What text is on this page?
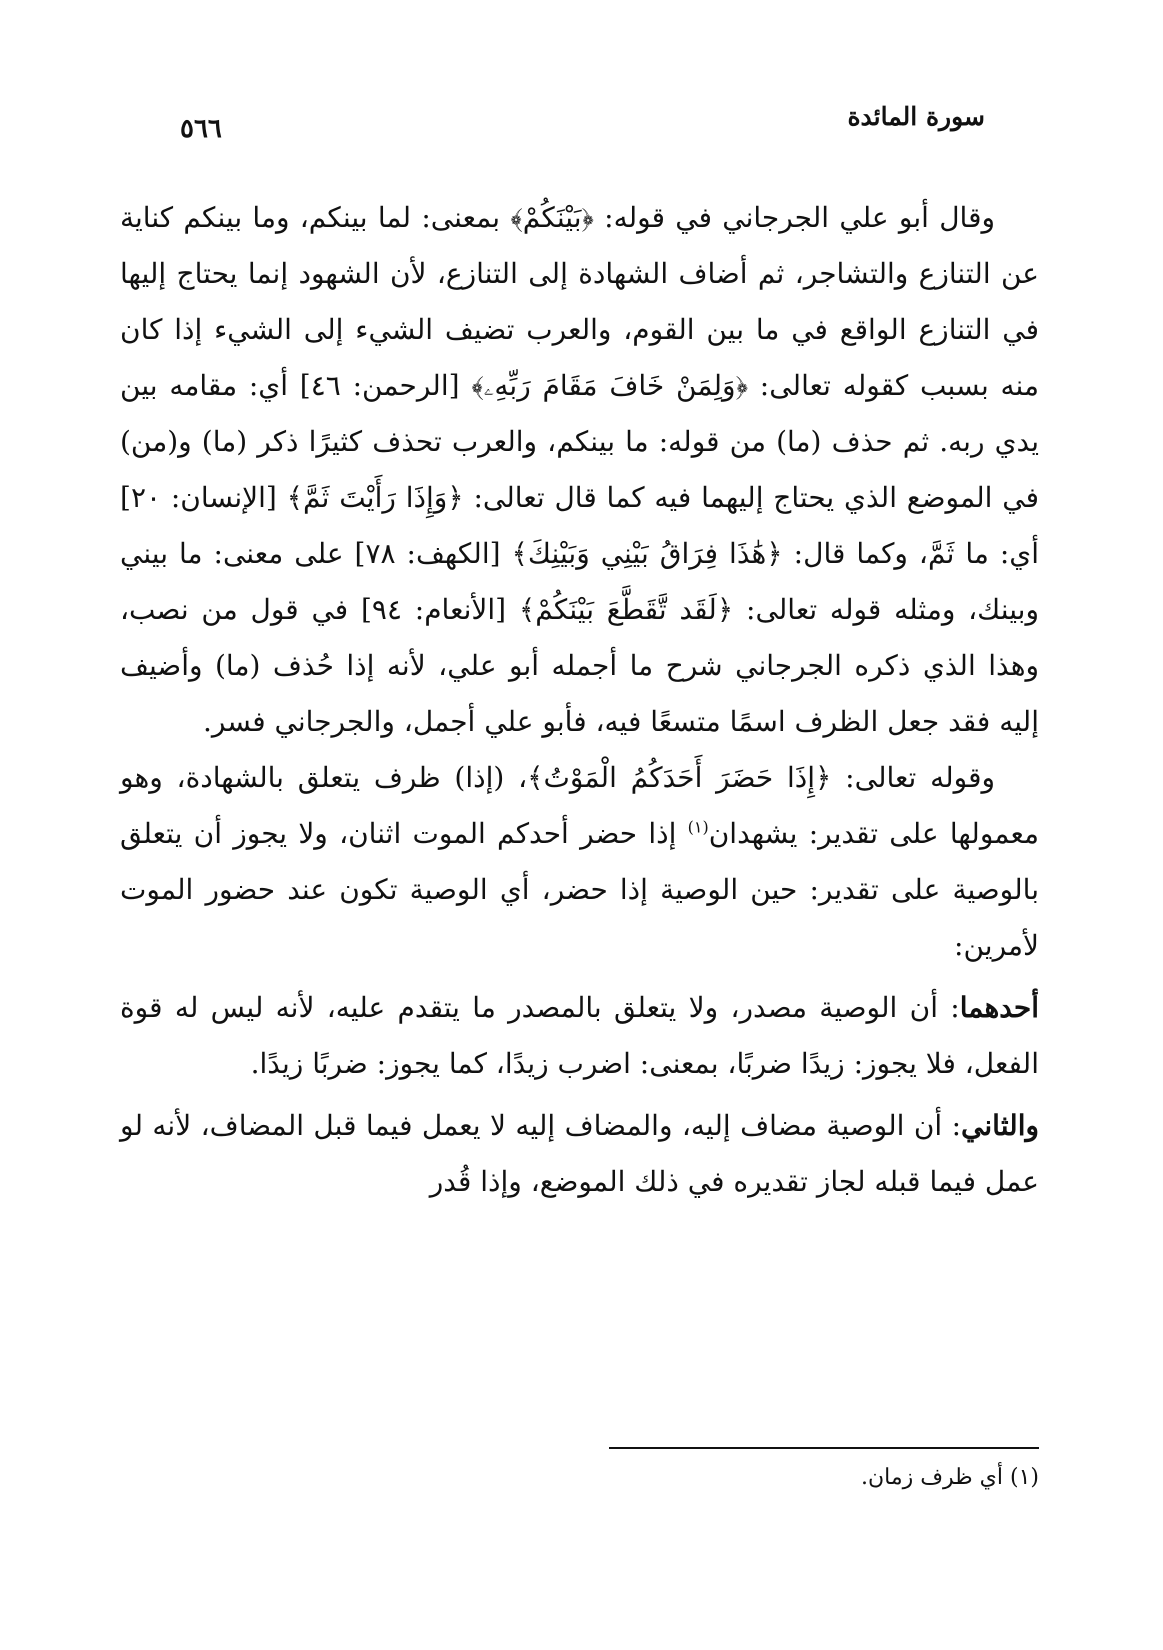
سورة المائدة
٥٦٦

وقال أبو علي الجرجاني في قوله: ﴿بَيْنَكُمْ﴾ بمعنى: لما بينكم، وما بينكم كناية عن التنازع والتشاجر، ثم أضاف الشهادة إلى التنازع، لأن الشهود إنما يحتاج إليها في التنازع الواقع في ما بين القوم، والعرب تضيف الشيء إلى الشيء إذا كان منه بسبب كقوله تعالى: ﴿وَلِمَنْ خَافَ مَقَامَ رَبِّهِۦ﴾ [الرحمن: ٤٦] أي: مقامه بين يدي ربه. ثم حذف (ما) من قوله: ما بينكم، والعرب تحذف كثيرًا ذكر (ما) و(من) في الموضع الذي يحتاج إليهما فيه كما قال تعالى: ﴿وَإِذَا رَأَيْتَ ثَمَّ﴾ [الإنسان: ٢٠] أي: ما ثَمَّ، وكما قال: ﴿هَٰذَا فِرَاقُ بَيْنِي وَبَيْنِكَ﴾ [الكهف: ٧٨] على معنى: ما بيني وبينك، ومثله قوله تعالى: ﴿لَقَد تَّقَطَّعَ بَيْنَكُمْ﴾ [الأنعام: ٩٤] في قول من نصب، وهذا الذي ذكره الجرجاني شرح ما أجمله أبو علي، لأنه إذا حُذف (ما) وأضيف إليه فقد جعل الظرف اسمًا متسعًا فيه، فأبو علي أجمل، والجرجاني فسر.

وقوله تعالى: ﴿إِذَا حَضَرَ أَحَدَكُمُ الْمَوْتُ﴾، (إذا) ظرف يتعلق بالشهادة، وهو معمولها على تقدير: يشهدان$^{(١)}$ إذا حضر أحدكم الموت اثنان، ولا يجوز أن يتعلق بالوصية على تقدير: حين الوصية إذا حضر، أي الوصية تكون عند حضور الموت لأمرين:

أحدهما: أن الوصية مصدر، ولا يتعلق بالمصدر ما يتقدم عليه، لأنه ليس له قوة الفعل، فلا يجوز: زيدًا ضربًا، بمعنى: اضرب زيدًا، كما يجوز: ضربًا زيدًا.

والثاني: أن الوصية مضاف إليه، والمضاف إليه لا يعمل فيما قبل المضاف، لأنه لو عمل فيما قبله لجاز تقديره في ذلك الموضع، وإذا قُدر

(١) أي ظرف زمان.
